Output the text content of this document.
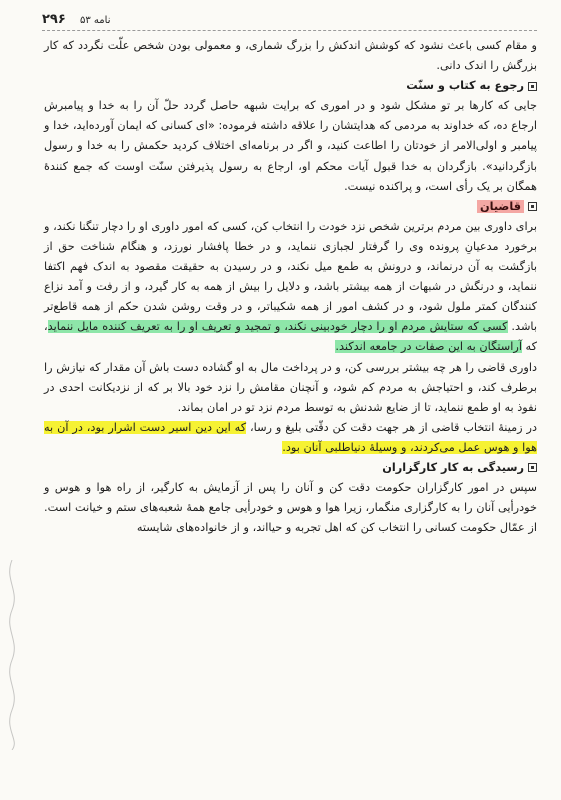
۲۹۶ نامه ۵۳

و مقام کسی باعث نشود که کوشش اندکش را بزرگ شماری، و معمولی بودن شخص علّت نگردد که کار بزرگش را اندک دانی.

رجوع به کتاب و سنّت

جایی که کارها بر تو مشکل شود و در اموری که برایت شبهه حاصل گردد حلّ آن را به خدا و پیامبرش ارجاع ده، که خداوند به مردمی که هدایتشان را علاقه داشته فرموده: «ای کسانی که ایمان آورده‌اید، خدا و پیامبر و اولی‌الامر از خودتان را اطاعت کنید، و اگر در برنامه‌ای اختلاف کردید حکمش را به خدا و رسول بازگردانید». بازگردان به خدا قبول آیات محکم او، ارجاع به رسول پذیرفتن سنّت اوست که جمع کنندهٔ همگان بر یک رأی است، و پراکنده نیست.

قاضیان

برای داوری بین مردم برترین شخص نزد خودت را انتخاب کن، کسی که امور داوری او را دچار تنگنا نکند، و برخورد مدعیانِ پرونده وی را گرفتار لجبازی ننماید، و در خطا پافشار نورزد، و هنگام شناخت حق از بازگشت به آن درنماند، و درونش به طمع میل نکند، و در رسیدن به حقیقت مقصود به اندک فهم اکتفا ننماید، و درنگش در شبهات از همه بیشتر باشد، و دلایل را بیش از همه به کار گیرد، و از رفت و آمد نزاع کنندگان کمتر ملول شود، و در کشف امور از همه شکیباتر، و در وقت روشن شدن حکم از همه قاطع‌تر باشد. کسی که ستایش مردم او را دچار خودبینی نکند، و تمجید و تعریف او را به تعریف کننده مایل ننماید، که آراستگان به این صفات در جامعه اندکند.

داوری قاضی را هر چه بیشتر بررسی کن، و در پرداخت مال به او گشاده دست باش آن مقدار که نیازش را برطرف کند، و احتیاجش به مردم کم شود، و آنچنان مقامش را نزد خود بالا بر که از نزدیکانت احدی در نفوذ به او طمع ننماید، تا از ضایع شدنش به توسط مردم نزد تو در امان بماند.

در زمینهٔ انتخاب قاضی از هر جهت دقت کن دقّتی بلیغ و رسا، که این دین اسیر دست اشرار بود، در آن به هوا و هوس عمل می‌کردند، و وسیلهٔ دنیاطلبی آنان بود.

رسیدگی به کار کارگزاران

سپس در امور کارگزاران حکومت دقت کن و آنان را پس از آزمایش به کارگیر، از راه هوا و هوس و خودرأیی آنان را به کارگزاری منگمار، زیرا هوا و هوس و خودرأیی جامع همهٔ شعبه‌های ستم و خیانت است. از عمّال حکومت کسانی را انتخاب کن که اهل تجربه و حیااند، و از خانواده‌های شایسته
